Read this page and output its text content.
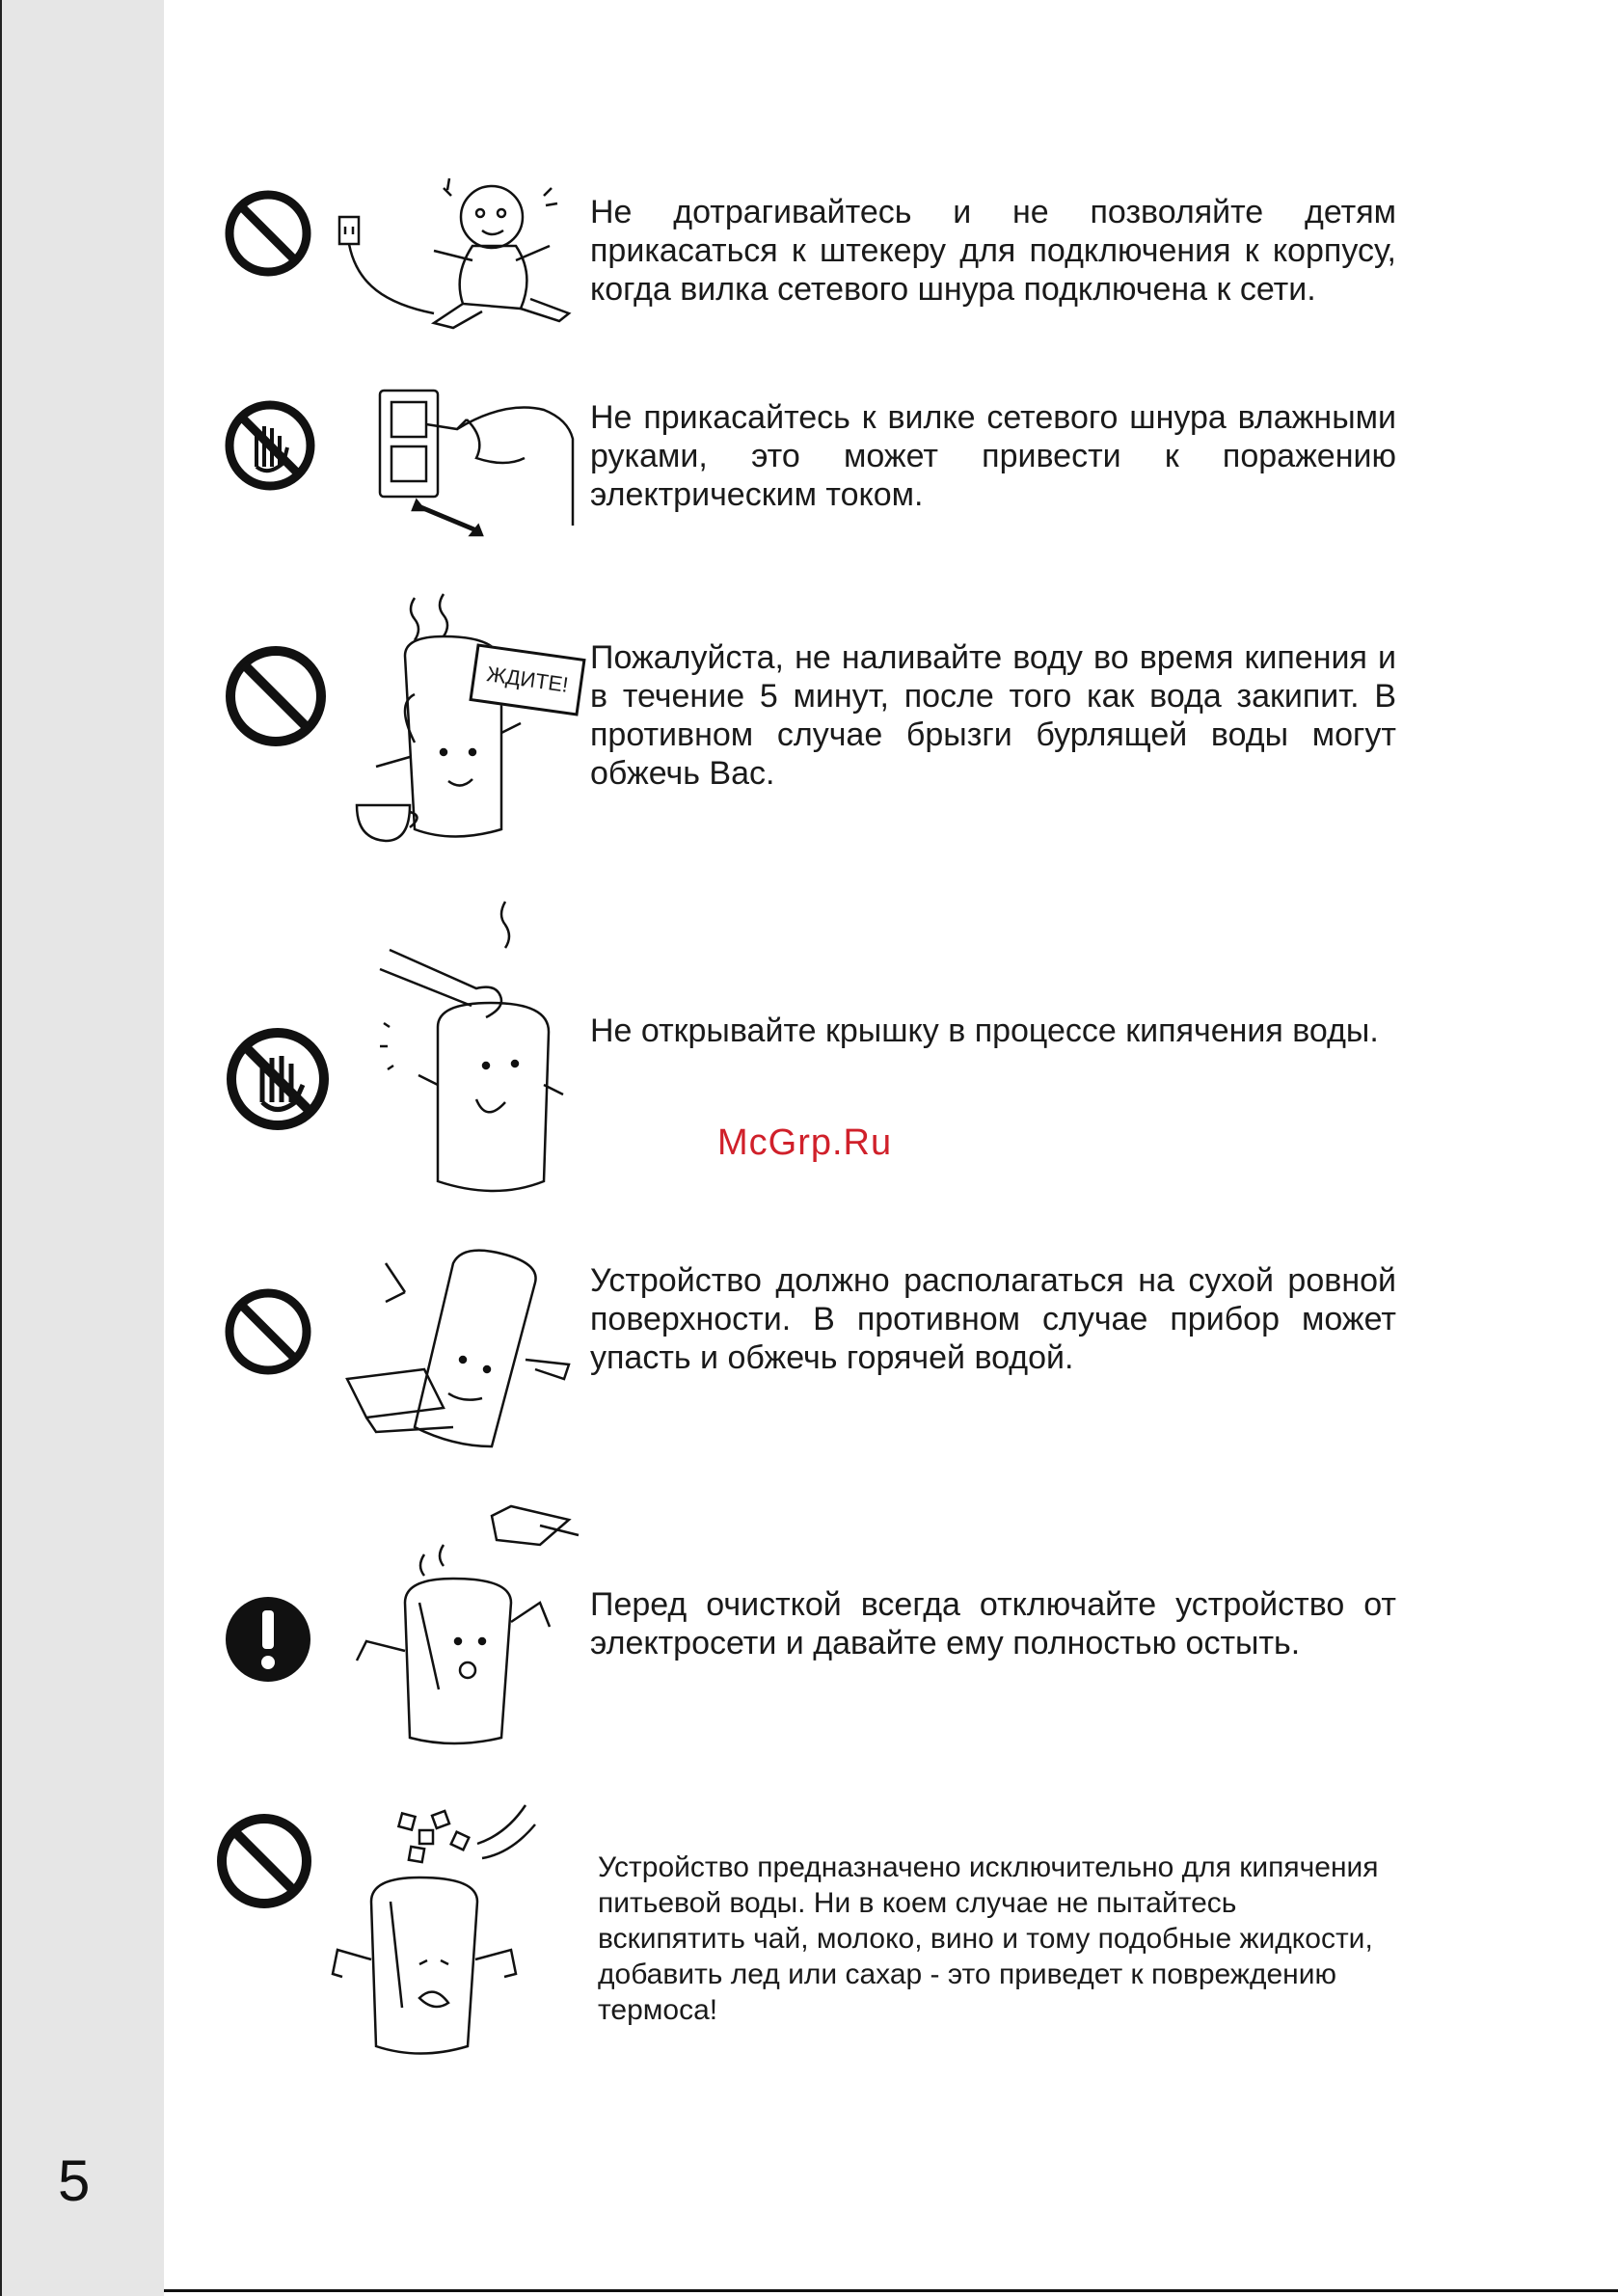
5

Не дотрагивайтесь и не позволяйте детям прикасаться к штекеру для подключения к корпусу, когда вилка сетевого шнура подключена к сети.

Не прикасайтесь к вилке сетевого шнура влажными руками, это может привести к поражению электрическим током.

ЖДИТЕ!

Пожалуйста, не наливайте воду во время кипения и в течение 5 минут, после того как вода закипит. В противном случае брызги бурлящей воды могут обжечь Вас.

Не открывайте крышку в процессе кипячения воды.

McGrp.Ru

Устройство должно располагаться на сухой ровной поверхности. В противном случае прибор может упасть и обжечь горячей водой.

Перед очисткой всегда отключайте устройство от электросети и давайте ему полностью остыть.

Устройство предназначено исключительно для кипячения питьевой воды. Ни в коем случае не пытайтесь вскипятить чай, молоко, вино и тому подобные жидкости, добавить лед или сахар - это приведет к повреждению термоса!
